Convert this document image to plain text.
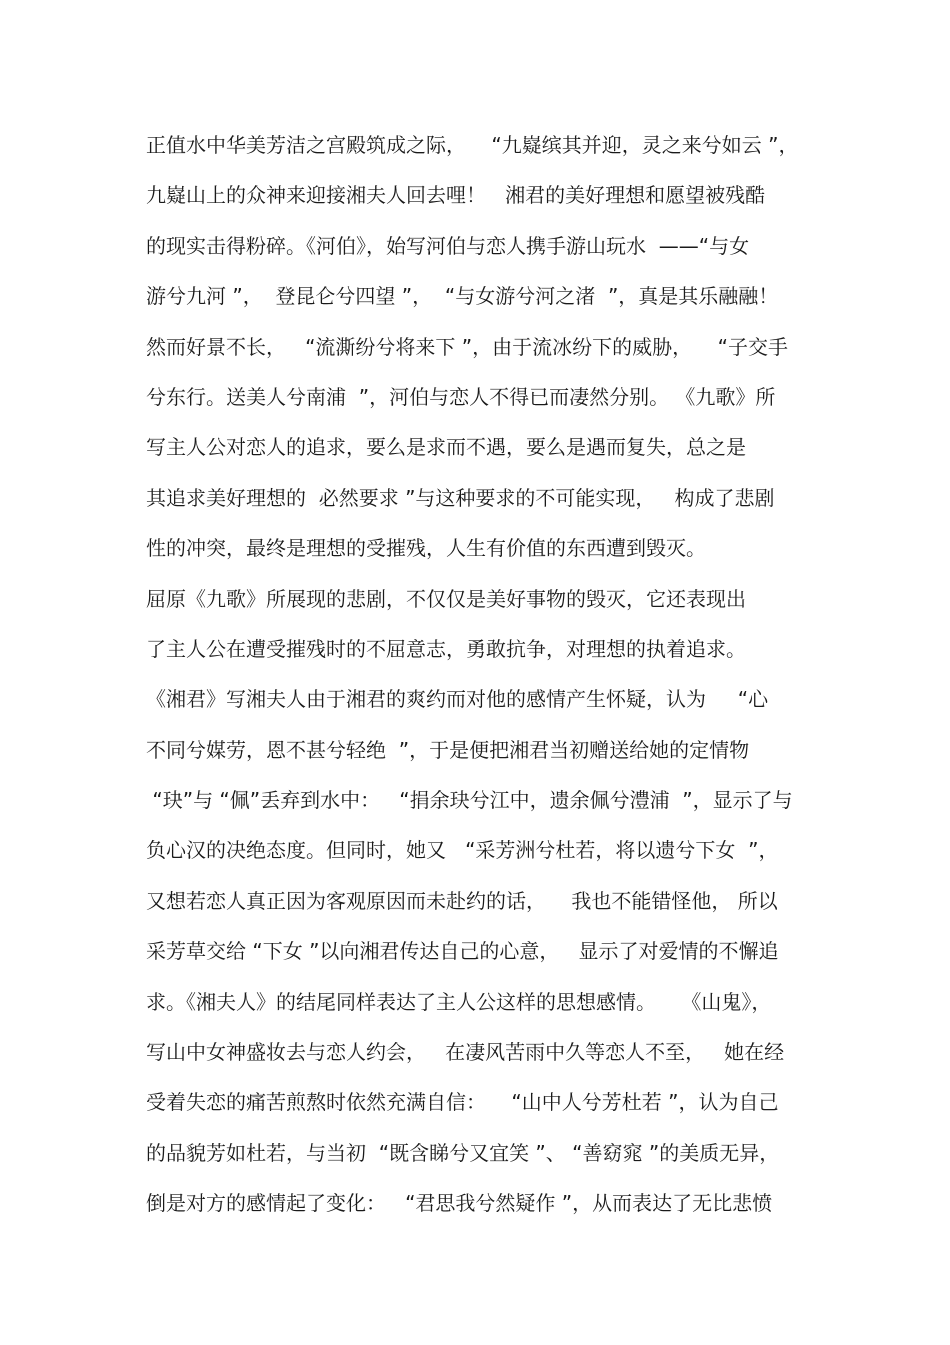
正值水中华美芳洁之宫殿筑成之际，    “九嶷缤其并迎，灵之来兮如云 ”，
九嶷山上的众神来迎接湘夫人回去哩！   湘君的美好理想和愿望被残酷
的现实击得粉碎。《河伯》，始写河伯与恋人携手游山玩水  ——“与女
游兮九河 ”，  登昆仑兮四望 ”，  “与女游兮河之渚  ”，真是其乐融融！
然而好景不长，   “流澌纷兮将来下 ”，由于流冰纷下的威胁，    “子交手
兮东行。送美人兮南浦  ”，河伯与恋人不得已而凄然分别。 《九歌》所
写主人公对恋人的追求，要么是求而不遇，要么是遇而复失，总之是
其追求美好理想的  必然要求 ”与这种要求的不可能实现，   构成了悲剧
性的冲突，最终是理想的受摧残，人生有价值的东西遭到毁灭。
屈原《九歌》所展现的悲剧，不仅仅是美好事物的毁灭，它还表现出
了主人公在遭受摧残时的不屈意志，勇敢抗争，对理想的执着追求。
《湘君》写湘夫人由于湘君的爽约而对他的感情产生怀疑，认为     “心
不同兮媒劳，恩不甚兮轻绝  ”，于是便把湘君当初赠送给她的定情物
“玦”与 “佩”丢弃到水中：   “捐余玦兮江中，遗余佩兮澧浦  ”，显示了与
负心汉的决绝态度。但同时，她又   “采芳洲兮杜若，将以遗兮下女  ”，
又想若恋人真正因为客观原因而未赴约的话，    我也不能错怪他， 所以
采芳草交给 “下女 ”以向湘君传达自己的心意，   显示了对爱情的不懈追
求。《湘夫人》的结尾同样表达了主人公这样的思想感情。    《山鬼》，
写山中女神盛妆去与恋人约会，   在凄风苦雨中久等恋人不至，   她在经
受着失恋的痛苦煎熬时依然充满自信：    “山中人兮芳杜若 ”，认为自己
的品貌芳如杜若，与当初  “既含睇兮又宜笑 ”、 “善窈窕 ”的美质无异，
倒是对方的感情起了变化：   “君思我兮然疑作 ”，从而表达了无比悲愤
